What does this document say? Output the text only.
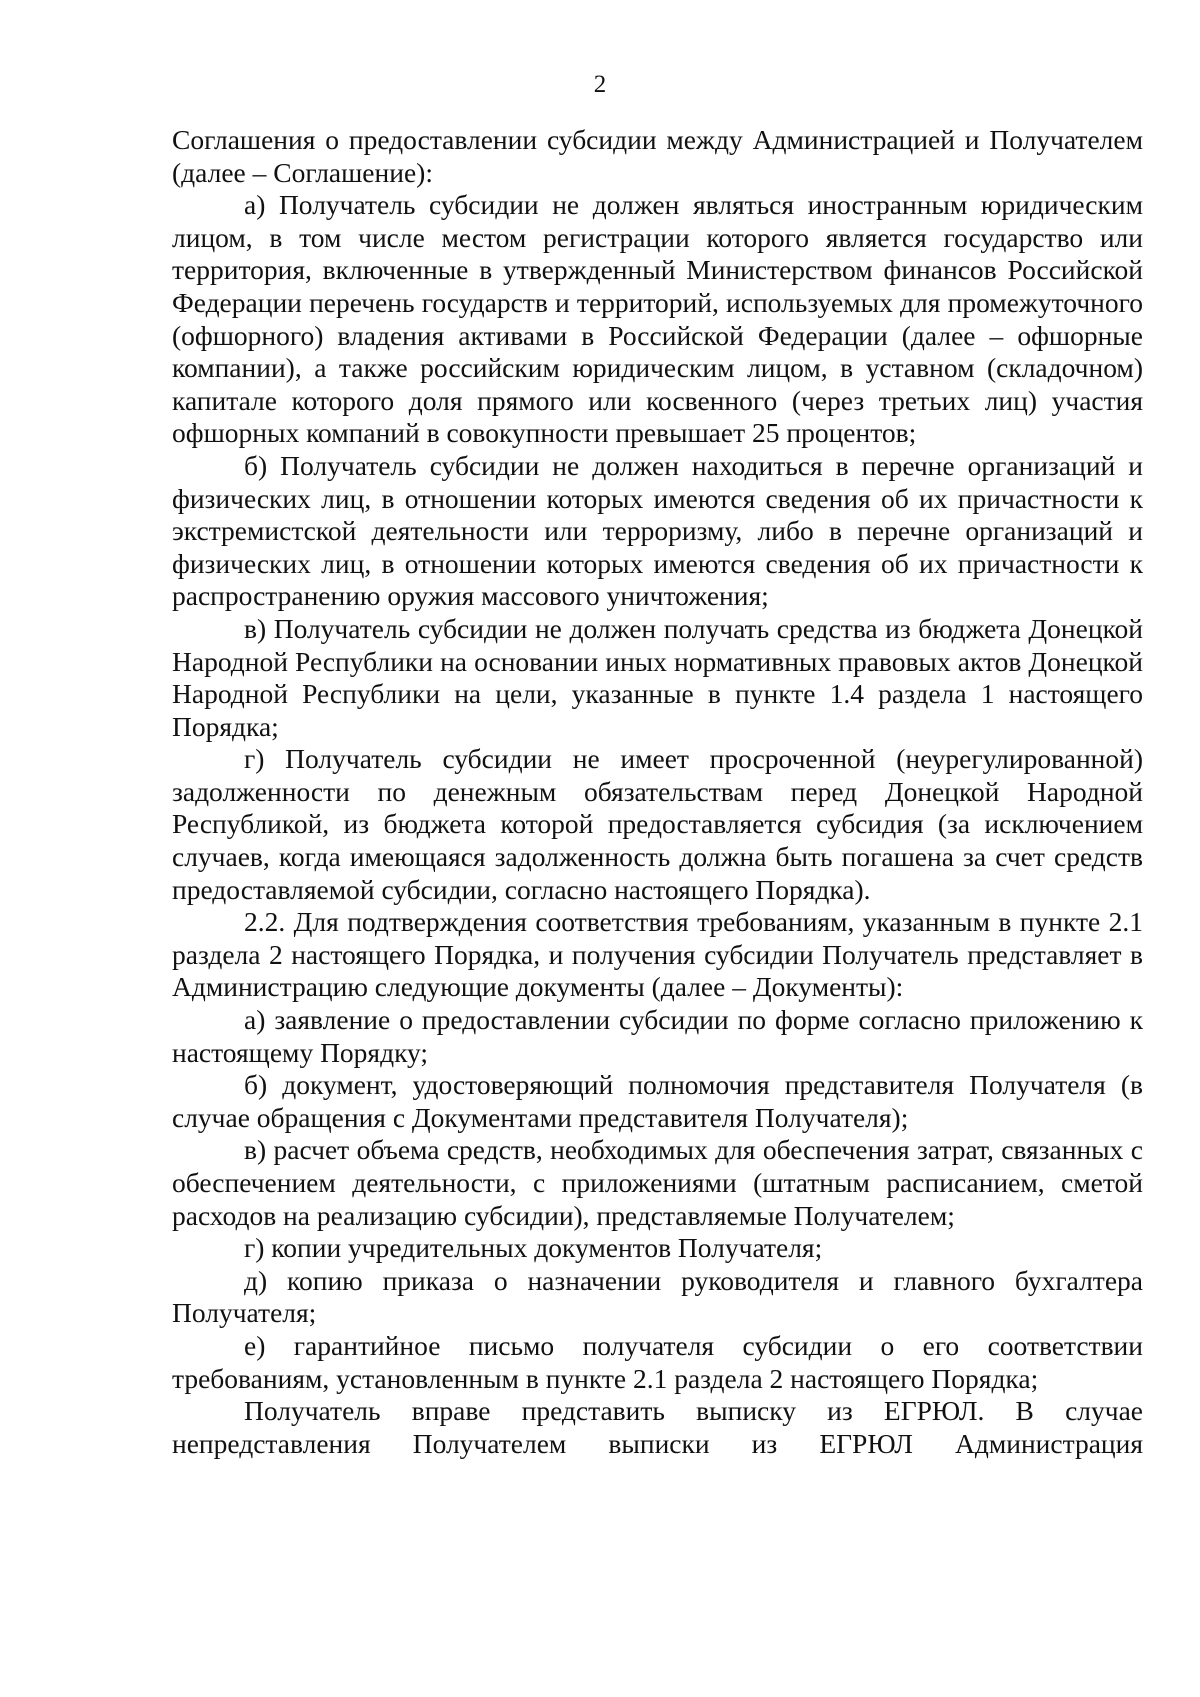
2

Соглашения о предоставлении субсидии между Администрацией и Получателем (далее – Соглашение):

а) Получатель субсидии не должен являться иностранным юридическим лицом, в том числе местом регистрации которого является государство или территория, включенные в утвержденный Министерством финансов Российской Федерации перечень государств и территорий, используемых для промежуточного (офшорного) владения активами в Российской Федерации (далее – офшорные компании), а также российским юридическим лицом, в уставном (складочном) капитале которого доля прямого или косвенного (через третьих лиц) участия офшорных компаний в совокупности превышает 25 процентов;

б) Получатель субсидии не должен находиться в перечне организаций и физических лиц, в отношении которых имеются сведения об их причастности к экстремистской деятельности или терроризму, либо в перечне организаций и физических лиц, в отношении которых имеются сведения об их причастности к распространению оружия массового уничтожения;

в) Получатель субсидии не должен получать средства из бюджета Донецкой Народной Республики на основании иных нормативных правовых актов Донецкой Народной Республики на цели, указанные в пункте 1.4 раздела 1 настоящего Порядка;

г) Получатель субсидии не имеет просроченной (неурегулированной) задолженности по денежным обязательствам перед Донецкой Народной Республикой, из бюджета которой предоставляется субсидия (за исключением случаев, когда имеющаяся задолженность должна быть погашена за счет средств предоставляемой субсидии, согласно настоящего Порядка).

2.2. Для подтверждения соответствия требованиям, указанным в пункте 2.1 раздела 2 настоящего Порядка, и получения субсидии Получатель представляет в Администрацию следующие документы (далее – Документы):

а) заявление о предоставлении субсидии по форме согласно приложению к настоящему Порядку;

б) документ, удостоверяющий полномочия представителя Получателя (в случае обращения с Документами представителя Получателя);

в) расчет объема средств, необходимых для обеспечения затрат, связанных с обеспечением деятельности, с приложениями (штатным расписанием, сметой расходов на реализацию субсидии), представляемые Получателем;

г) копии учредительных документов Получателя;

д) копию приказа о назначении руководителя и главного бухгалтера Получателя;

е) гарантийное письмо получателя субсидии о его соответствии требованиям, установленным в пункте 2.1 раздела 2 настоящего Порядка;

Получатель вправе представить выписку из ЕГРЮЛ. В случае непредставления Получателем выписки из ЕГРЮЛ Администрация
